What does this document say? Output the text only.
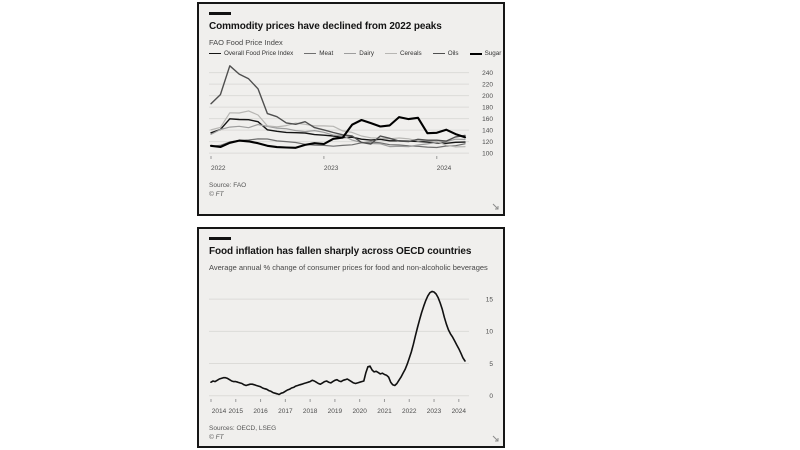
Commodity prices have declined from 2022 peaks
FAO Food Price Index
Overall Food Price Index	Meat	Dairy	Cereals	Oils	Sugar
100
120
140
160
180
200
220
240
2022	2023	2024
Source: FAO
© FT
Food inflation has fallen sharply across OECD countries
Average annual % change of consumer prices for food and non-alcoholic beverages
0
5
10
15
2014 2015 2016 2017 2018 2019 2020 2021 2022 2023 2024
Sources: OECD, LSEG
© FT
